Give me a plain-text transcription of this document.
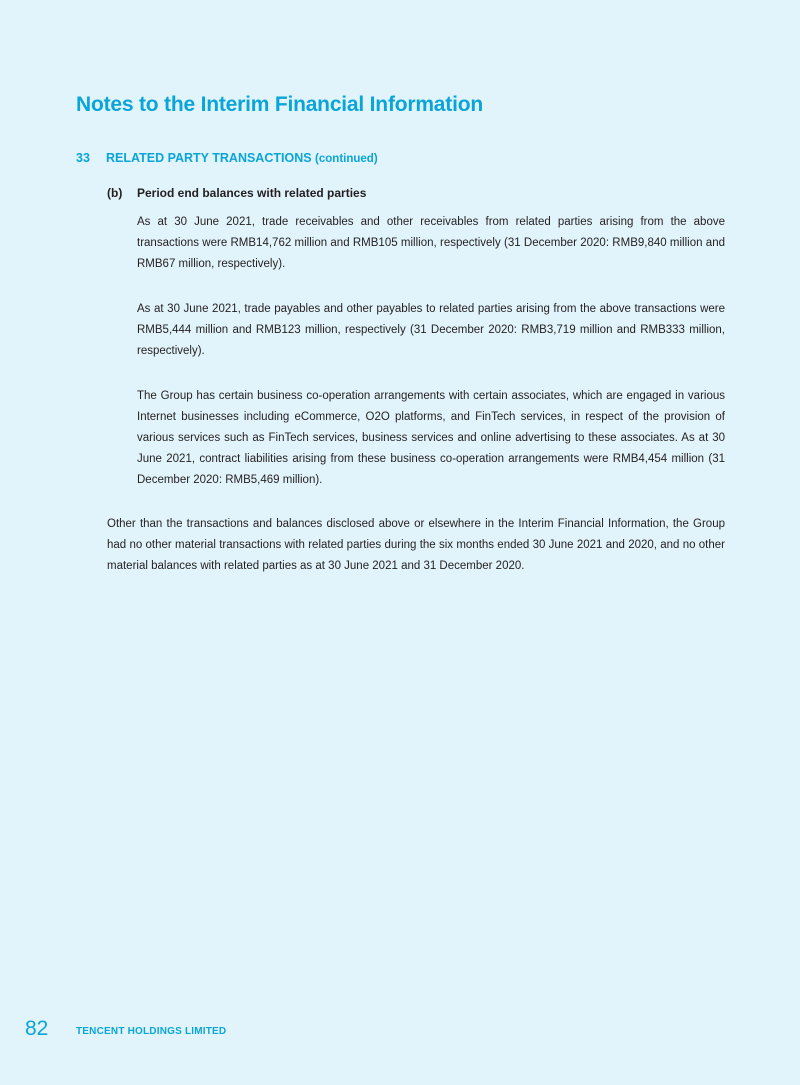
Notes to the Interim Financial Information
33 RELATED PARTY TRANSACTIONS (continued)
(b) Period end balances with related parties
As at 30 June 2021, trade receivables and other receivables from related parties arising from the above transactions were RMB14,762 million and RMB105 million, respectively (31 December 2020: RMB9,840 million and RMB67 million, respectively).
As at 30 June 2021, trade payables and other payables to related parties arising from the above transactions were RMB5,444 million and RMB123 million, respectively (31 December 2020: RMB3,719 million and RMB333 million, respectively).
The Group has certain business co-operation arrangements with certain associates, which are engaged in various Internet businesses including eCommerce, O2O platforms, and FinTech services, in respect of the provision of various services such as FinTech services, business services and online advertising to these associates. As at 30 June 2021, contract liabilities arising from these business co-operation arrangements were RMB4,454 million (31 December 2020: RMB5,469 million).
Other than the transactions and balances disclosed above or elsewhere in the Interim Financial Information, the Group had no other material transactions with related parties during the six months ended 30 June 2021 and 2020, and no other material balances with related parties as at 30 June 2021 and 31 December 2020.
82	TENCENT HOLDINGS LIMITED
